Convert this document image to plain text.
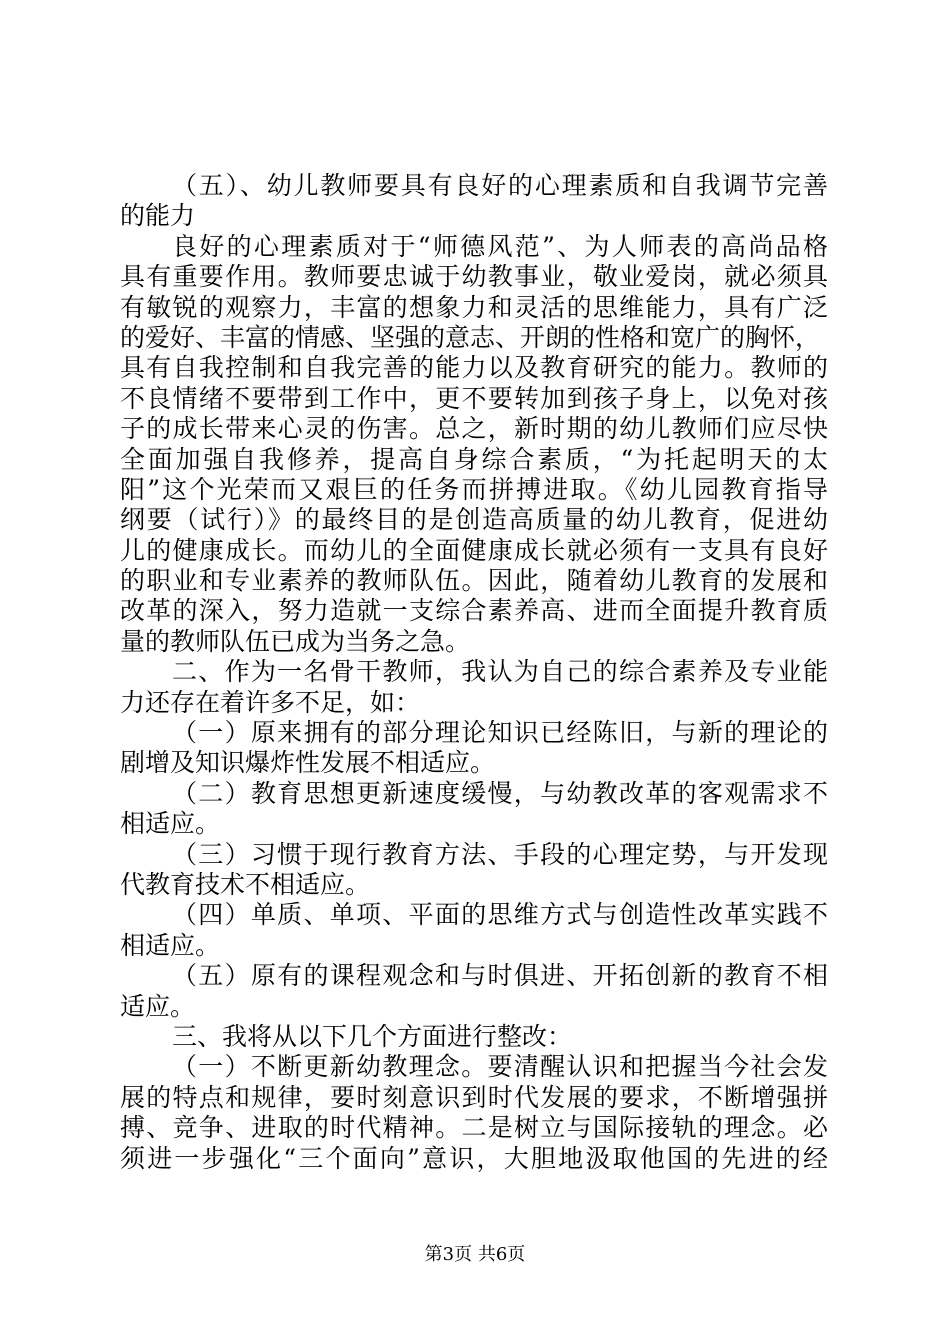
（五）、幼儿教师要具有良好的心理素质和自我调节完善
的能力
良好的心理素质对于“师德风范”、为人师表的高尚品格
具有重要作用。教师要忠诚于幼教事业，敬业爱岗，就必须具
有敏锐的观察力，丰富的想象力和灵活的思维能力，具有广泛
的爱好、丰富的情感、坚强的意志、开朗的性格和宽广的胸怀，
具有自我控制和自我完善的能力以及教育研究的能力。教师的
不良情绪不要带到工作中，更不要转加到孩子身上，以免对孩
子的成长带来心灵的伤害。总之，新时期的幼儿教师们应尽快
全面加强自我修养，提高自身综合素质，“为托起明天的太
阳”这个光荣而又艰巨的任务而拼搏进取。《幼儿园教育指导
纲要（试行）》的最终目的是创造高质量的幼儿教育，促进幼
儿的健康成长。而幼儿的全面健康成长就必须有一支具有良好
的职业和专业素养的教师队伍。因此，随着幼儿教育的发展和
改革的深入，努力造就一支综合素养高、进而全面提升教育质
量的教师队伍已成为当务之急。
二、作为一名骨干教师，我认为自己的综合素养及专业能
力还存在着许多不足，如：
（一）原来拥有的部分理论知识已经陈旧，与新的理论的
剧增及知识爆炸性发展不相适应。
（二）教育思想更新速度缓慢，与幼教改革的客观需求不
相适应。
（三）习惯于现行教育方法、手段的心理定势，与开发现
代教育技术不相适应。
（四）单质、单项、平面的思维方式与创造性改革实践不
相适应。
（五）原有的课程观念和与时俱进、开拓创新的教育不相
适应。
三、我将从以下几个方面进行整改：
（一）不断更新幼教理念。要清醒认识和把握当今社会发
展的特点和规律，要时刻意识到时代发展的要求，不断增强拼
搏、竞争、进取的时代精神。二是树立与国际接轨的理念。必
须进一步强化“三个面向”意识，大胆地汲取他国的先进的经
第3页 共6页
